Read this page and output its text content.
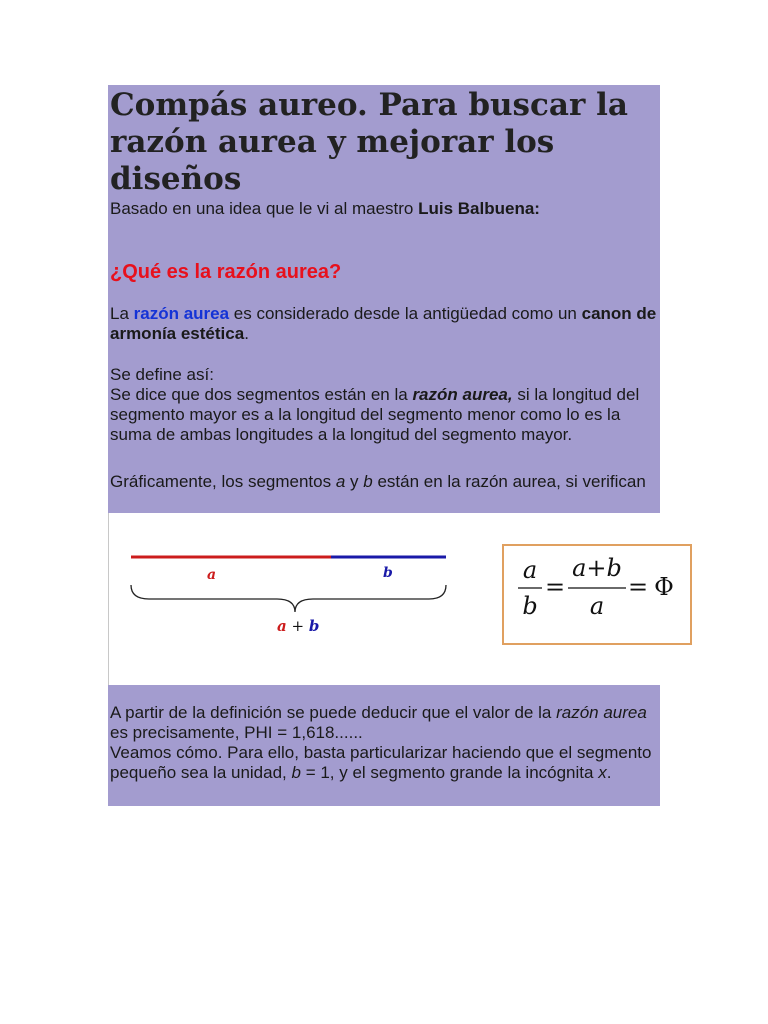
Compás aureo. Para buscar la razón aurea y mejorar los diseños

Basado en una idea que le vi al maestro Luis Balbuena:

¿Qué es la razón aurea?

La razón aurea es considerado desde la antigüedad como un canon de armonía estética.

Se define así:
Se dice que dos segmentos están en la razón aurea, si la longitud del segmento mayor es a la longitud del segmento menor como lo es la suma de ambas longitudes a la longitud del segmento mayor.

Gráficamente, los segmentos a y b están en la razón aurea, si verifican

a	b
a + b
a
b
=
a+b
a
= Φ

A partir de la definición se puede deducir que el valor de la razón aurea es precisamente, PHI = 1,618......
Veamos cómo. Para ello, basta particularizar haciendo que el segmento pequeño sea la unidad, b = 1, y el segmento grande la incógnita x.
